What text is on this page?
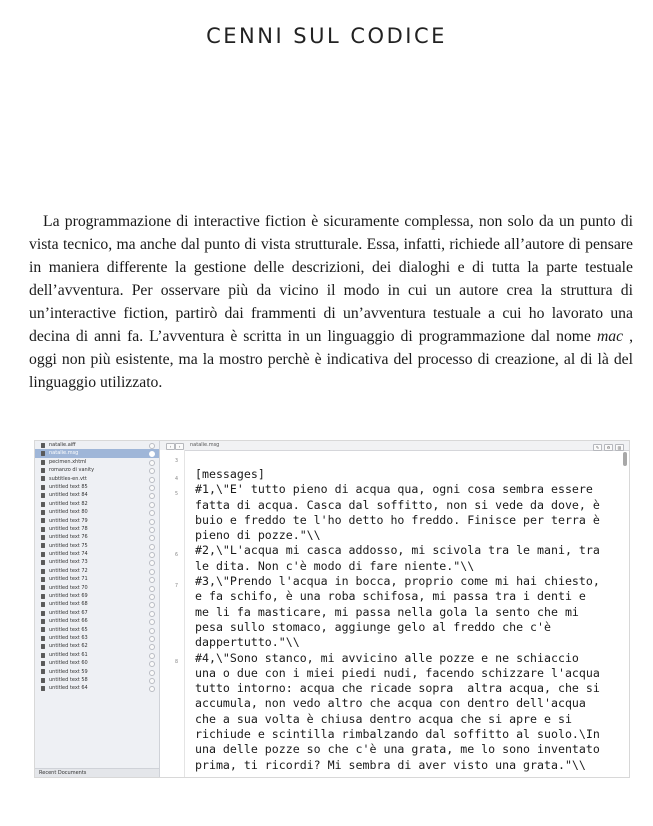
CENNI SUL CODICE

La programmazione di interactive fiction è sicuramente complessa, non solo da un punto di vista tecnico, ma anche dal punto di vista strutturale. Essa, infatti, richiede all’autore di pensare in maniera differente la gestione delle descrizioni, dei dialoghi e di tutta la parte testuale dell’avventura. Per osservare più da vicino il modo in cui un autore crea la struttura di un’interactive fiction, partirò dai frammenti di un’avventura testuale a cui ho lavorato una decina di anni fa. L’avventura è scritta in un linguaggio di programmazione dal nome mac , oggi non più esistente, ma la mostro perchè è indicativa del processo di creazione, al di là del linguaggio utilizzato.

natalie.aiff
natalie.msg
pecimen.xhtml
romanzo di vanity
subtitles-en.vtt
untitled text 85
untitled text 84
untitled text 82
untitled text 80
untitled text 79
untitled text 78
untitled text 76
untitled text 75
untitled text 74
untitled text 73
untitled text 72
untitled text 71
untitled text 70
untitled text 69
untitled text 68
untitled text 67
untitled text 66
untitled text 65
untitled text 63
untitled text 62
untitled text 61
untitled text 60
untitled text 59
untitled text 58
untitled text 64
Recent Documents
‹	›	natalie.msg	✎	⚙	▥
3
4
5
6
7
8
[messages]
#1,\"E' tutto pieno di acqua qua, ogni cosa sembra essere
fatta di acqua. Casca dal soffitto, non si vede da dove, è
buio e freddo te l'ho detto ho freddo. Finisce per terra è
pieno di pozze."\\
#2,\"L'acqua mi casca addosso, mi scivola tra le mani, tra
le dita. Non c'è modo di fare niente."\\
#3,\"Prendo l'acqua in bocca, proprio come mi hai chiesto,
e fa schifo, è una roba schifosa, mi passa tra i denti e
me li fa masticare, mi passa nella gola la sento che mi
pesa sullo stomaco, aggiunge gelo al freddo che c'è
dappertutto."\\
#4,\"Sono stanco, mi avvicino alle pozze e ne schiaccio
una o due con i miei piedi nudi, facendo schizzare l'acqua
tutto intorno: acqua che ricade sopra  altra acqua, che si
accumula, non vedo altro che acqua con dentro dell'acqua
che a sua volta è chiusa dentro acqua che si apre e si
richiude e scintilla rimbalzando dal soffitto al suolo.\In
una delle pozze so che c'è una grata, me lo sono inventato
prima, ti ricordi? Mi sembra di aver visto una grata."\\
